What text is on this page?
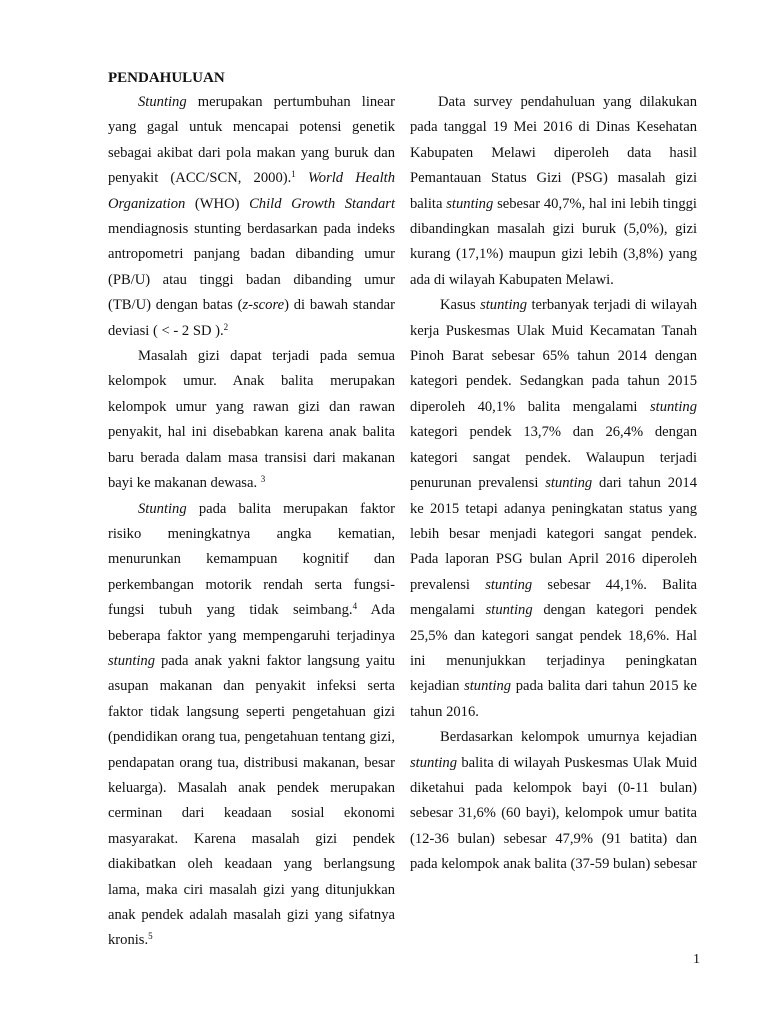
PENDAHULUAN

Stunting merupakan pertumbuhan linear yang gagal untuk mencapai potensi genetik sebagai akibat dari pola makan yang buruk dan penyakit (ACC/SCN, 2000).$^1$ World Health Organization (WHO) Child Growth Standart mendiagnosis stunting berdasarkan pada indeks antropometri panjang badan dibanding umur (PB/U) atau tinggi badan dibanding umur (TB/U) dengan batas (z-score) di bawah standar deviasi ( < - 2 SD ).$^2$

Masalah gizi dapat terjadi pada semua kelompok umur. Anak balita merupakan kelompok umur yang rawan gizi dan rawan penyakit, hal ini disebabkan karena anak balita baru berada dalam masa transisi dari makanan bayi ke makanan dewasa. $^3$

Stunting pada balita merupakan faktor risiko meningkatnya angka kematian, menurunkan kemampuan kognitif dan perkembangan motorik rendah serta fungsi-fungsi tubuh yang tidak seimbang.$^4$ Ada beberapa faktor yang mempengaruhi terjadinya stunting pada anak yakni faktor langsung yaitu asupan makanan dan penyakit infeksi serta faktor tidak langsung seperti pengetahuan gizi (pendidikan orang tua, pengetahuan tentang gizi, pendapatan orang tua, distribusi makanan, besar keluarga). Masalah anak pendek merupakan cerminan dari keadaan sosial ekonomi masyarakat. Karena masalah gizi pendek diakibatkan oleh keadaan yang berlangsung lama, maka ciri masalah gizi yang ditunjukkan anak pendek adalah masalah gizi yang sifatnya kronis.$^5$

Data survey pendahuluan yang dilakukan pada tanggal 19 Mei 2016 di Dinas Kesehatan Kabupaten Melawi diperoleh data hasil Pemantauan Status Gizi (PSG) masalah gizi balita stunting sebesar 40,7%, hal ini lebih tinggi dibandingkan masalah gizi buruk (5,0%), gizi kurang (17,1%) maupun gizi lebih (3,8%) yang ada di wilayah Kabupaten Melawi.

Kasus stunting terbanyak terjadi di wilayah kerja Puskesmas Ulak Muid Kecamatan Tanah Pinoh Barat sebesar 65% tahun 2014 dengan kategori pendek. Sedangkan pada tahun 2015 diperoleh 40,1% balita mengalami stunting kategori pendek 13,7% dan 26,4% dengan kategori sangat pendek. Walaupun terjadi penurunan prevalensi stunting dari tahun 2014 ke 2015 tetapi adanya peningkatan status yang lebih besar menjadi kategori sangat pendek. Pada laporan PSG bulan April 2016 diperoleh prevalensi stunting sebesar 44,1%. Balita mengalami stunting dengan kategori pendek 25,5% dan kategori sangat pendek 18,6%. Hal ini menunjukkan terjadinya peningkatan kejadian stunting pada balita dari tahun 2015 ke tahun 2016.

Berdasarkan kelompok umurnya kejadian stunting balita di wilayah Puskesmas Ulak Muid diketahui pada kelompok bayi (0-11 bulan) sebesar 31,6% (60 bayi), kelompok umur batita (12-36 bulan) sebesar 47,9% (91 batita) dan pada kelompok anak balita (37-59 bulan) sebesar

1
